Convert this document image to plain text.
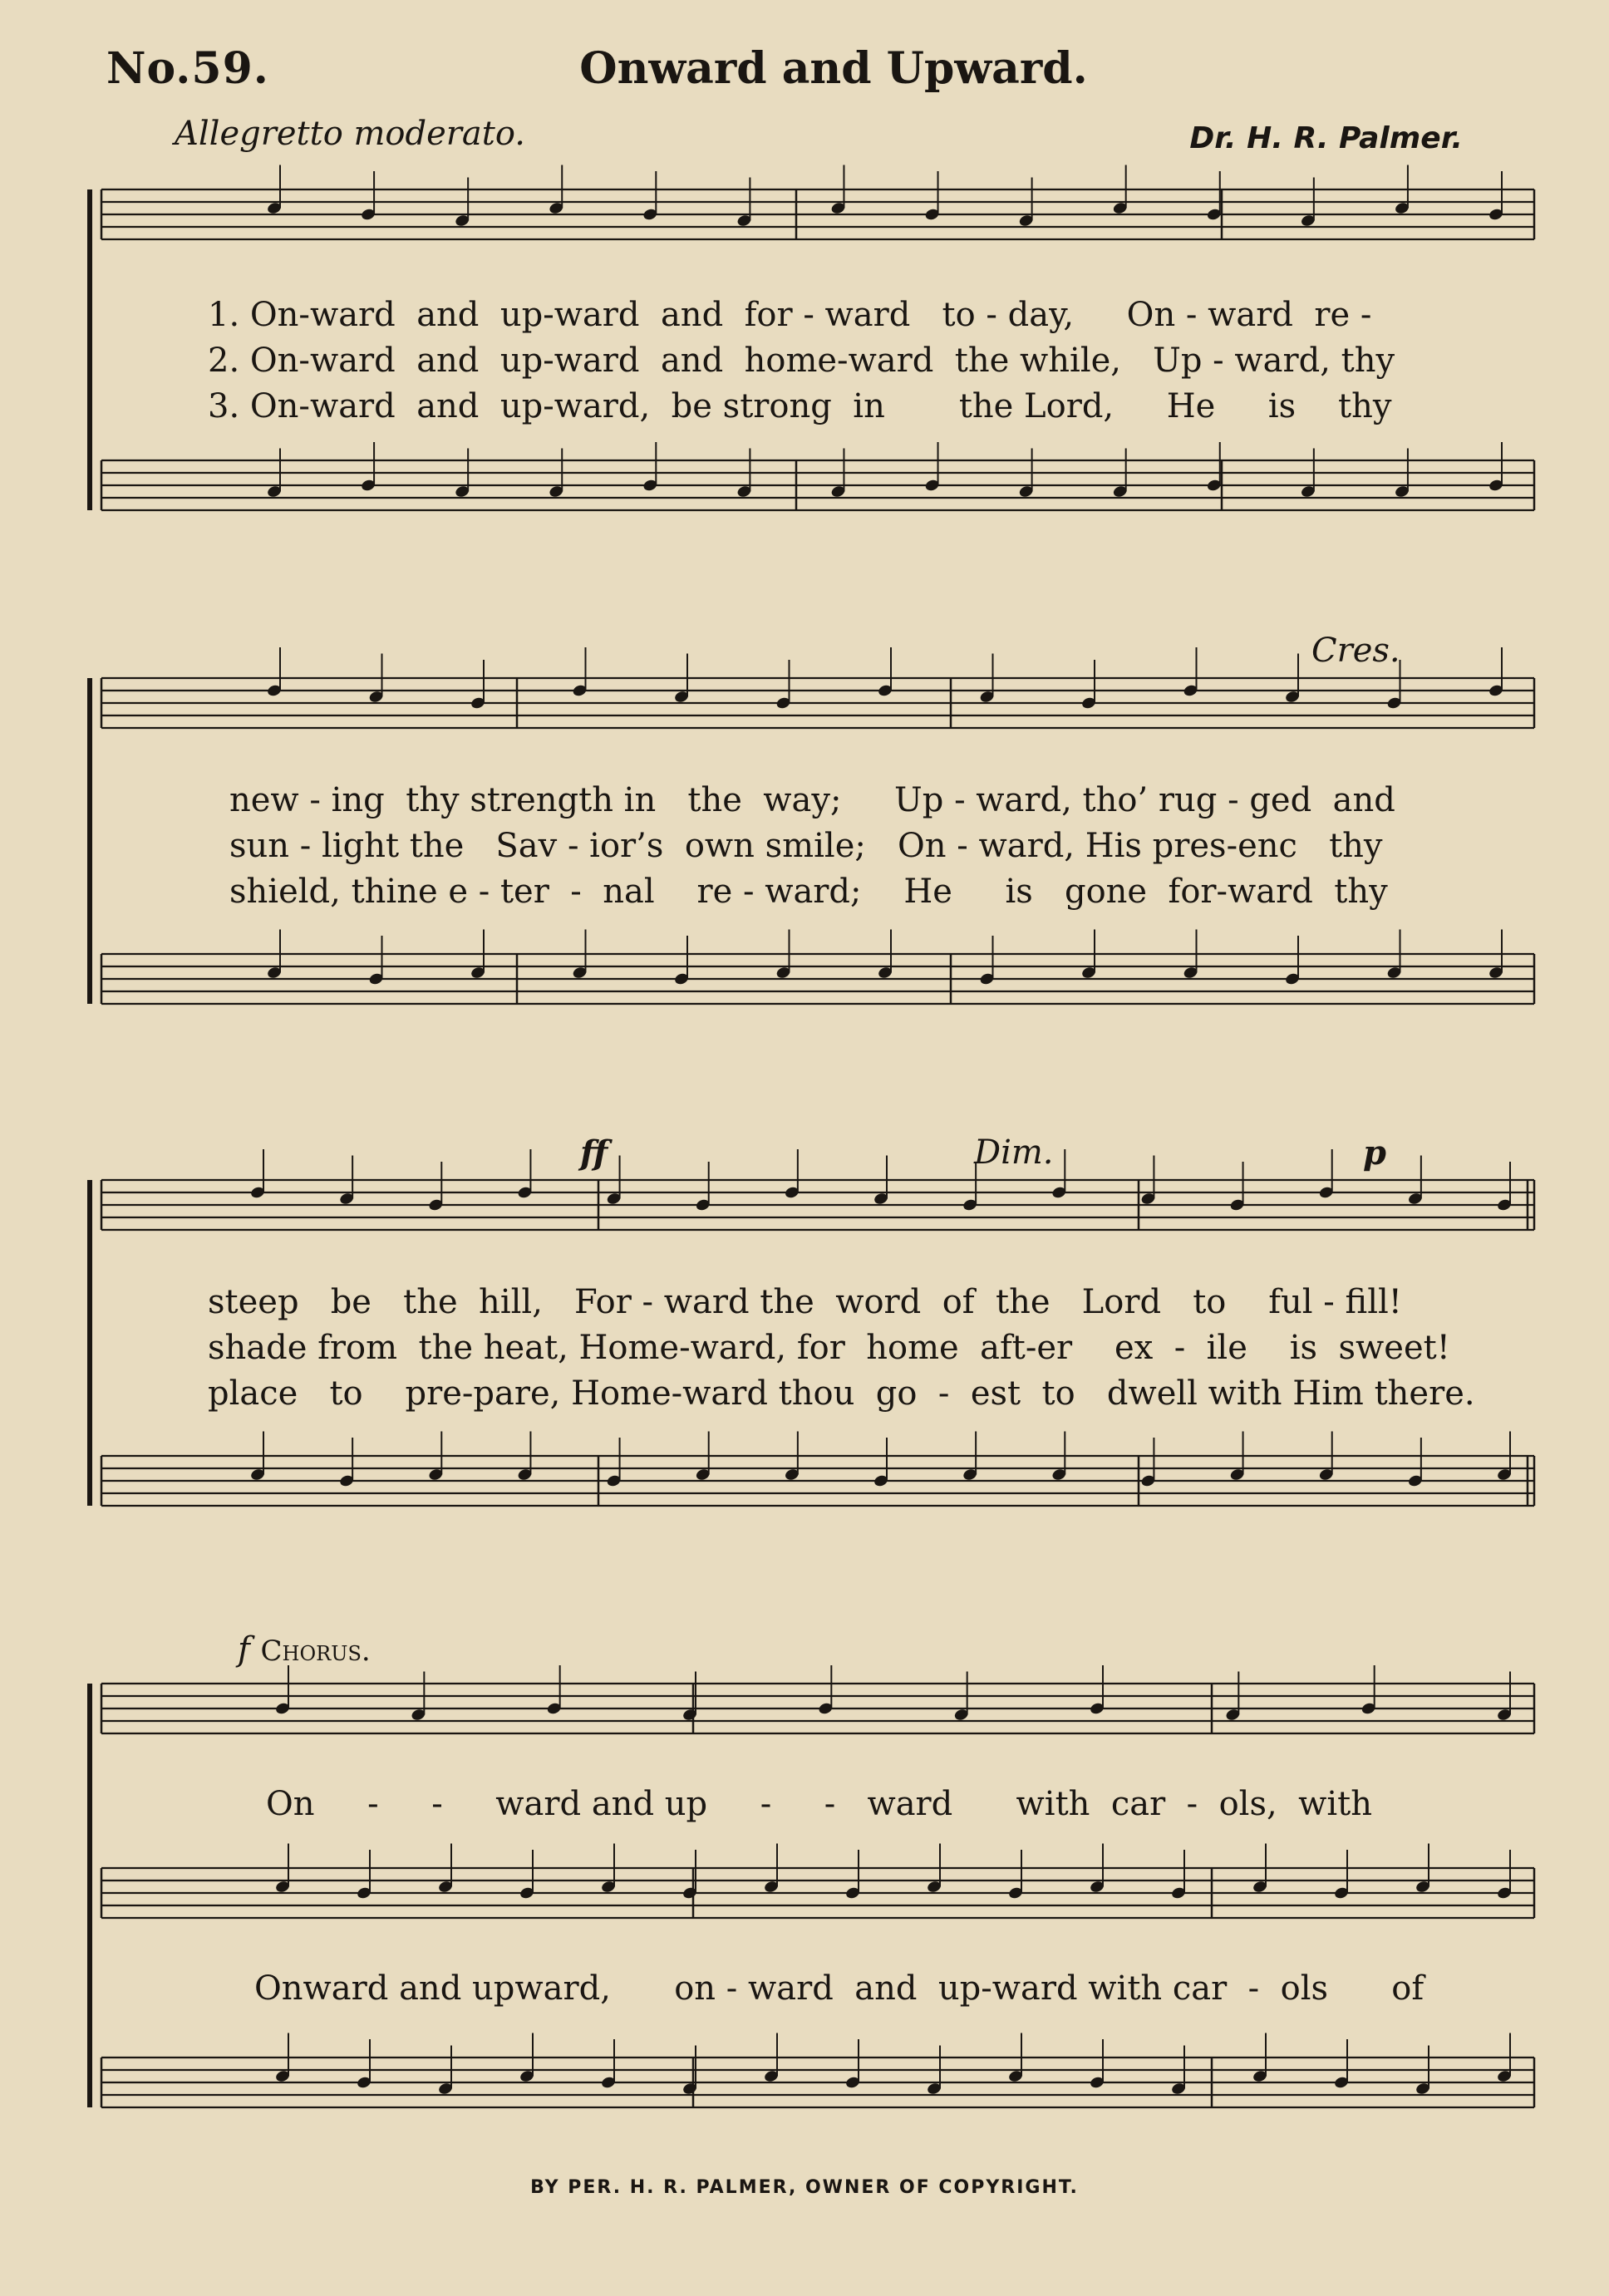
No.59.	Onward and Upward.
Allegretto moderato.	Dr. H. R. Palmer.
Cres.
ff	Dim.	p
f Chorus.
1. On-ward  and  up-ward  and  for - ward   to - day,     On - ward  re -
2. On-ward  and  up-ward  and  home-ward  the while,   Up - ward, thy
3. On-ward  and  up-ward,  be strong  in       the Lord,     He     is    thy
new - ing  thy strength in   the  way;     Up - ward, tho’ rug - ged  and
sun - light the   Sav - ior’s  own smile;   On - ward, His pres-enc   thy
shield, thine e - ter  -  nal    re - ward;    He     is   gone  for-ward  thy
steep   be   the  hill,   For - ward the  word  of  the   Lord   to    ful - fill!
shade from  the heat, Home-ward, for  home  aft-er    ex  -  ile    is  sweet!
place   to    pre-pare, Home-ward thou  go  -  est  to   dwell with Him there.
On     -     -     ward and up     -     -   ward      with  car  -  ols,  with
Onward and upward,      on - ward  and  up-ward with car  -  ols      of
BY PER. H. R. PALMER, OWNER OF COPYRIGHT.
